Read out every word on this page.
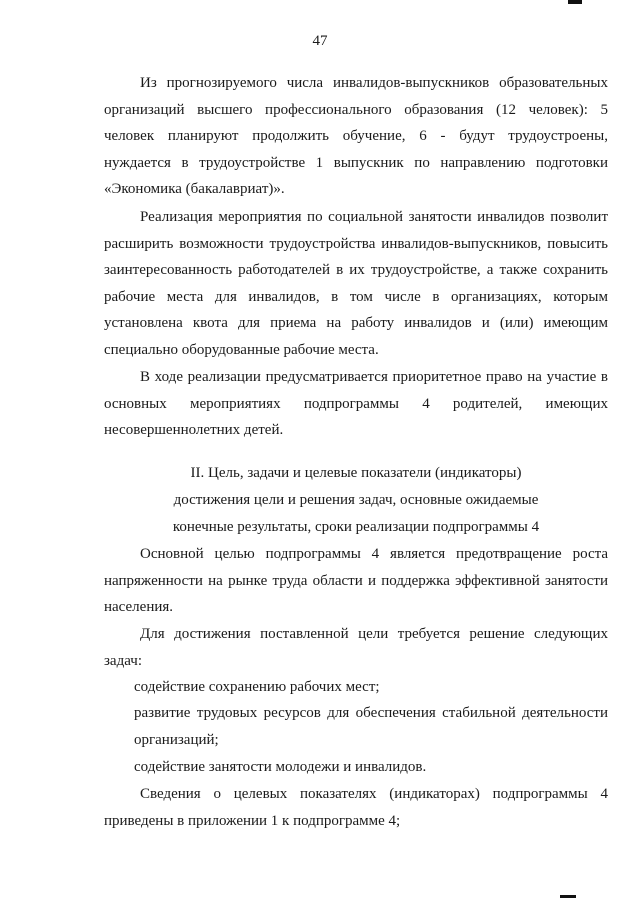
47

Из прогнозируемого числа инвалидов-выпускников образовательных организаций высшего профессионального образования (12 человек): 5 человек планируют продолжить обучение, 6 - будут трудоустроены, нуждается в трудоустройстве 1 выпускник по направлению подготовки «Экономика (бакалавриат)».

Реализация мероприятия по социальной занятости инвалидов позволит расширить возможности трудоустройства инвалидов-выпускников, повысить заинтересованность работодателей в их трудоустройстве, а также сохранить рабочие места для инвалидов, в том числе в организациях, которым установлена квота для приема на работу инвалидов и (или) имеющим специально оборудованные рабочие места.

В ходе реализации предусматривается приоритетное право на участие в основных мероприятиях подпрограммы 4 родителей, имеющих несовершеннолетних детей.

II. Цель, задачи и целевые показатели (индикаторы)

достижения цели и решения задач, основные ожидаемые

конечные результаты, сроки реализации подпрограммы 4

Основной целью подпрограммы 4 является предотвращение роста напряженности на рынке труда области и поддержка эффективной занятости населения.

Для достижения поставленной цели требуется решение следующих задач:

содействие сохранению рабочих мест;

развитие трудовых ресурсов для обеспечения стабильной деятельности организаций;

содействие занятости молодежи и инвалидов.

Сведения о целевых показателях (индикаторах) подпрограммы 4 приведены в приложении 1 к подпрограмме 4;
